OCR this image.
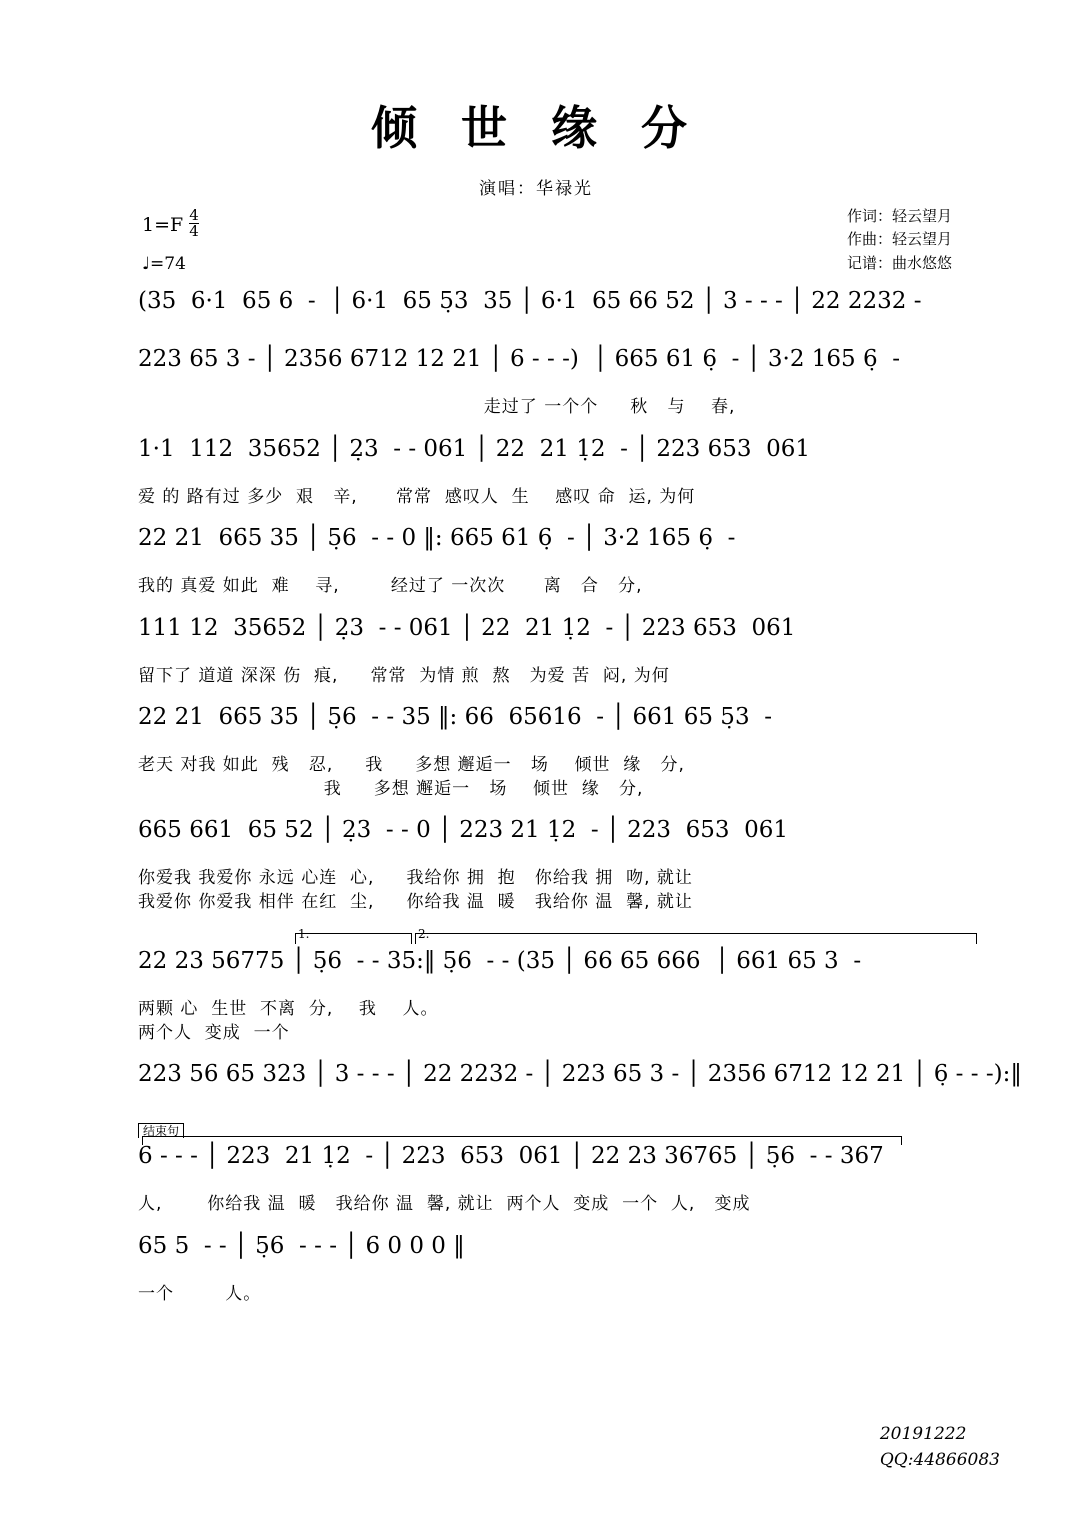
倾 世 缘 分
演唱：华禄光
$1=F \frac{4}{4}$
♩=74
作词：轻云望月
作曲：轻云望月
记谱：曲水悠悠
(35  6·1  65 6  -  │ 6·1  65 5̣3  35 │ 6·1  65 66 52 │ 3 - - - │ 22 2232 -
223 65 3 - │ 2356 6712 12 21 │ 6 - - -)  │ 665 61 6̣  - │ 3·2 165 6̣  -
走过了 一个个     秋   与    春,
1·1  112  35652 │ 2̣3  - - 061 │ 22  21 1̣2  - │ 223 653  061
爱 的 路有过 多少  艰   辛,      常常  感叹人  生    感叹 命  运, 为何
22 21  665 35 │ 5̣6  - - 0 ‖: 665 61 6̣  - │ 3·2 165 6̣  -
我的 真爱 如此  难    寻,        经过了 一次次      离   合   分,
111 12  35652 │ 2̣3  - - 061 │ 22  21 1̣2  - │ 223 653  061
留下了 道道 深深 伤  痕,     常常  为情 煎  熬   为爱 苦  闷, 为何
22 21  665 35 │ 5̣6  - - 35 ‖: 66  65616  - │ 661 65 5̣3  -
老天 对我 如此  残   忍,     我     多想 邂逅一   场    倾世  缘   分,
我     多想 邂逅一   场    倾世  缘   分,
665 661  65 52 │ 2̣3  - - 0 │ 223 21 1̣2  - │ 223  653  061
你爱我 我爱你 永远 心连  心,     我给你 拥  抱   你给我 拥  吻, 就让
我爱你 你爱我 相伴 在红  尘,     你给我 温  暖   我给你 温  馨, 就让
1.	2.
22 23 56775 │ 5̣6  - - 35:‖ 5̣6  - - (35 │ 66 65 666  │ 661 65 3  -
两颗 心  生世  不离  分,    我    人。
两个人  变成  一个
223 56 65 323 │ 3 - - - │ 22 2232 - │ 223 65 3 - │ 2356 6712 12 21 │ 6̣ - - -):‖
结束句
6 - - - │ 223  21 1̣2  - │ 223  653  061 │ 22 23 36765 │ 5̣6  - - 367
人,       你给我 温  暖   我给你 温  馨, 就让  两个人  变成  一个  人,   变成
65 5  - - │ 5̣6  - - - │ 6 0 0 0 ‖
一个        人。
20191222
QQ:44866083
